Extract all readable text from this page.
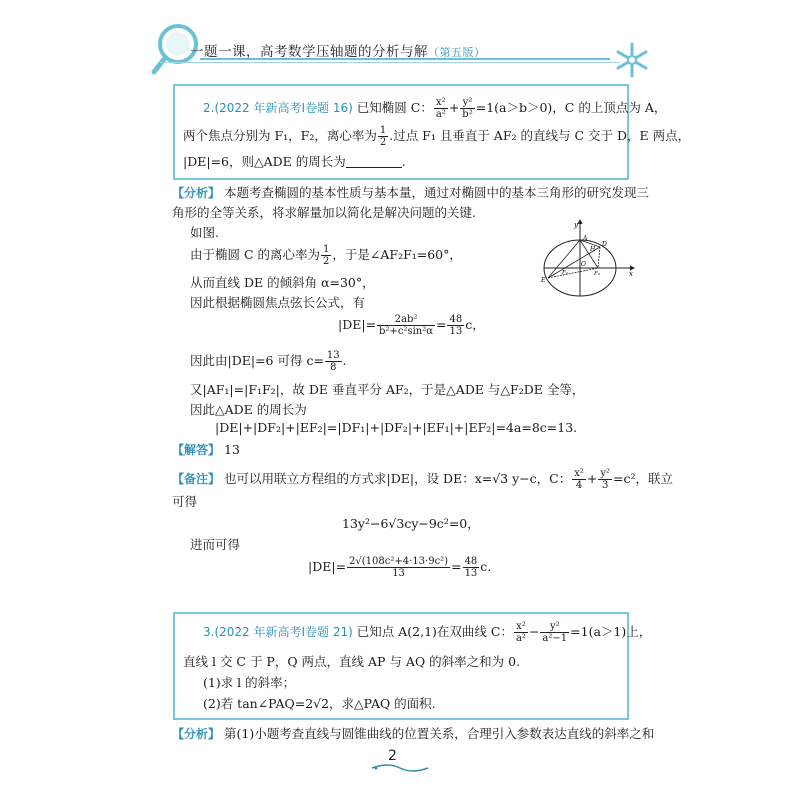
一题一课，高考数学压轴题的分析与解（第五版）
2.(2022 年新高考Ⅰ卷题 16) 已知椭圆 C： $\frac{\text{x²}}{\text{a²}} + \frac{\text{y²}}{\text{b²}} =1(a>b>0)$，C 的上顶点为 A，
两个焦点分别为 F₁，F₂，离心率为 $\frac{1}{2}$ .过点 F₁ 且垂直于 AF₂ 的直线与 C 交于 D，E 两点，
|DE|=6，则△ADE 的周长为	.
【分析】 本题考查椭圆的基本性质与基本量，通过对椭圆中的基本三角形的研究发现三
角形的全等关系，将求解量加以简化是解决问题的关键.
如图.
由于椭圆 C 的离心率为 $\frac{1}{2}$ ，于是∠AF₂F₁=60°，
从而直线 DE 的倾斜角 α=30°，
因此根据椭圆焦点弦长公式，有
$|DE|= \frac{\text{2ab²}}{\text{b²+c²sin²α}} = \frac{48}{13}$ c，
因此由|DE|=6 可得 $c= \frac{13}{8}$ .
又|AF₁|=|F₁F₂|，故 DE 垂直平分 AF₂，于是△ADE 与△F₂DE 全等，
因此△ADE 的周长为
|DE|+|DF₂|+|EF₂|=|DF₁|+|DF₂|+|EF₁|+|EF₂|=4a=8c=13.
【解答】 13
【备注】 也可以用联立方程组的方式求|DE|，设 DE：x=√3 y−c，C： $\frac{\text{x²}}{4} + \frac{\text{y²}}{3} =c^2$，联立
可得
13y²−6√3cy−9c²=0，
进而可得
$|DE|= \frac{\text{2√(108c²+4·13·9c²)}}{13} = \frac{48}{13} c$.
3.(2022 年新高考Ⅰ卷题 21) 已知点 A(2,1)在双曲线 C： $\frac{\text{x²}}{\text{a²}} - \frac{\text{y²}}{\text{a²−1}} =1(a>1)$上，
直线 l 交 C 于 P，Q 两点，直线 AP 与 AQ 的斜率之和为 0.
(1)求 l 的斜率；
(2)若 tan∠PAQ=2√2，求△PAQ 的面积.
【分析】 第(1)小题考查直线与圆锥曲线的位置关系，合理引入参数表达直线的斜率之和
y
x
A
D
H
O
F₁	F₂
E
2
